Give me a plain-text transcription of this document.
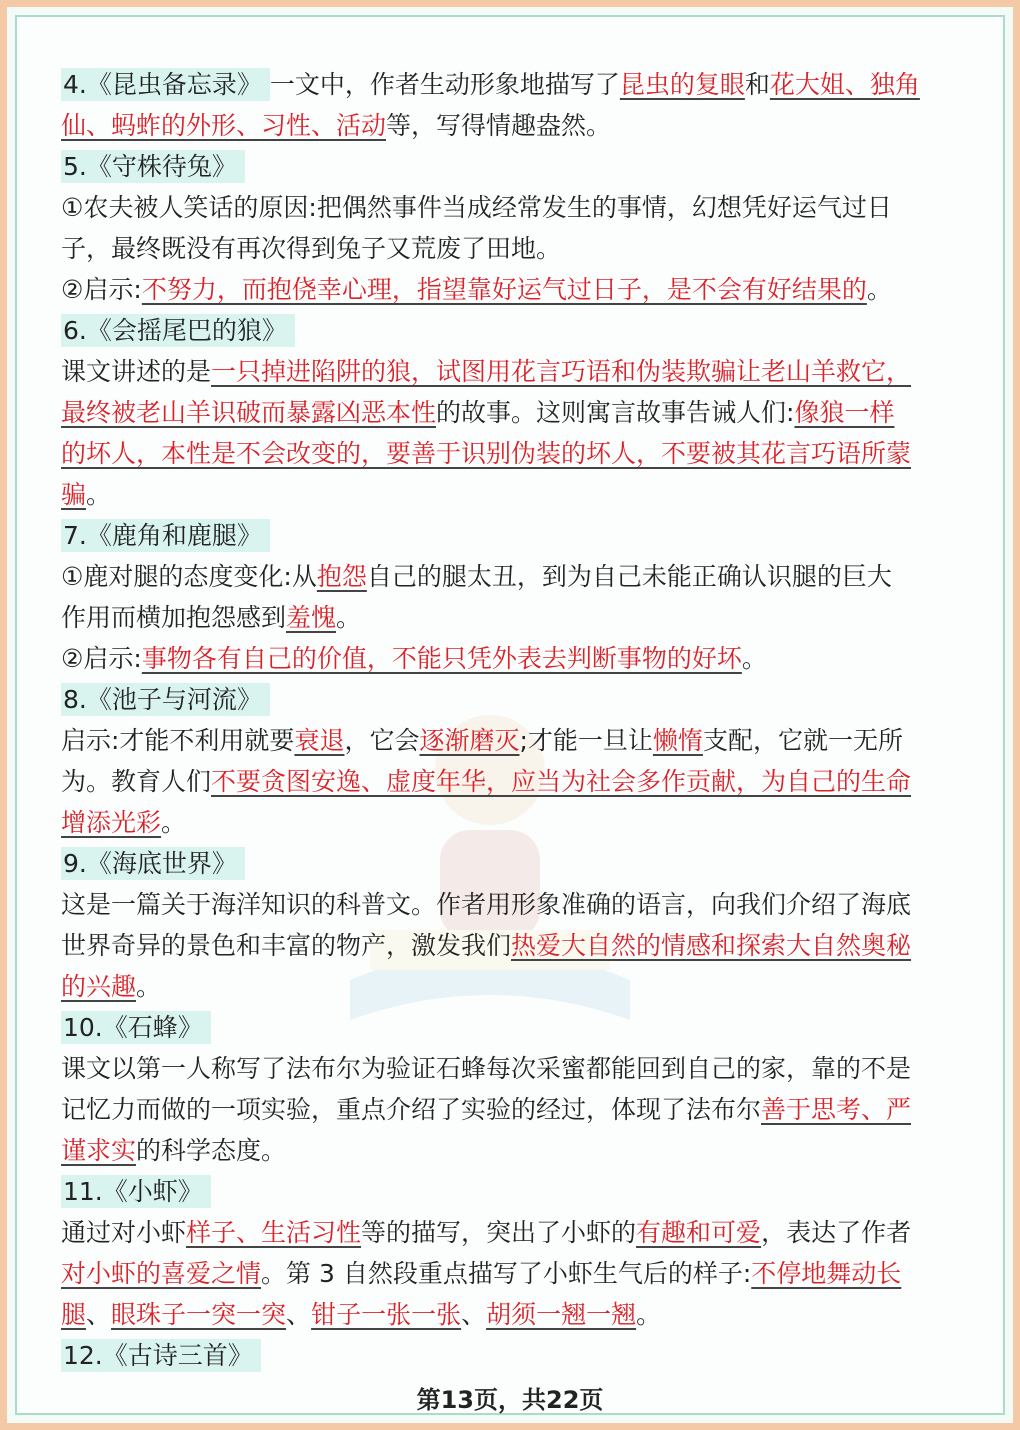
4.《昆虫备忘录》 一文中，作者生动形象地描写了昆虫的复眼和花大姐、独角
仙、蚂蚱的外形、习性、活动等，写得情趣盎然。
5.《守株待兔》
①农夫被人笑话的原因:把偶然事件当成经常发生的事情，幻想凭好运气过日
子，最终既没有再次得到兔子又荒废了田地。
②启示:不努力，而抱侥幸心理，指望靠好运气过日子，是不会有好结果的。
6.《会摇尾巴的狼》
课文讲述的是一只掉进陷阱的狼，试图用花言巧语和伪装欺骗让老山羊救它，
最终被老山羊识破而暴露凶恶本性的故事。这则寓言故事告诫人们:像狼一样
的坏人，本性是不会改变的，要善于识别伪装的坏人，不要被其花言巧语所蒙
骗。
7.《鹿角和鹿腿》
①鹿对腿的态度变化:从抱怨自己的腿太丑，到为自己未能正确认识腿的巨大
作用而横加抱怨感到羞愧。
②启示:事物各有自己的价值，不能只凭外表去判断事物的好坏。
8.《池子与河流》
启示:才能不利用就要衰退，它会逐渐磨灭;才能一旦让懒惰支配，它就一无所
为。教育人们不要贪图安逸、虚度年华，应当为社会多作贡献，为自己的生命
增添光彩。
9.《海底世界》
这是一篇关于海洋知识的科普文。作者用形象准确的语言，向我们介绍了海底
世界奇异的景色和丰富的物产，激发我们热爱大自然的情感和探索大自然奥秘
的兴趣。
10.《石蜂》
课文以第一人称写了法布尔为验证石蜂每次采蜜都能回到自己的家，靠的不是
记忆力而做的一项实验，重点介绍了实验的经过，体现了法布尔善于思考、严
谨求实的科学态度。
11.《小虾》
通过对小虾样子、生活习性等的描写，突出了小虾的有趣和可爱，表达了作者
对小虾的喜爱之情。第 3 自然段重点描写了小虾生气后的样子:不停地舞动长
腿、眼珠子一突一突、钳子一张一张、胡须一翘一翘。
12.《古诗三首》
第13页，共22页
